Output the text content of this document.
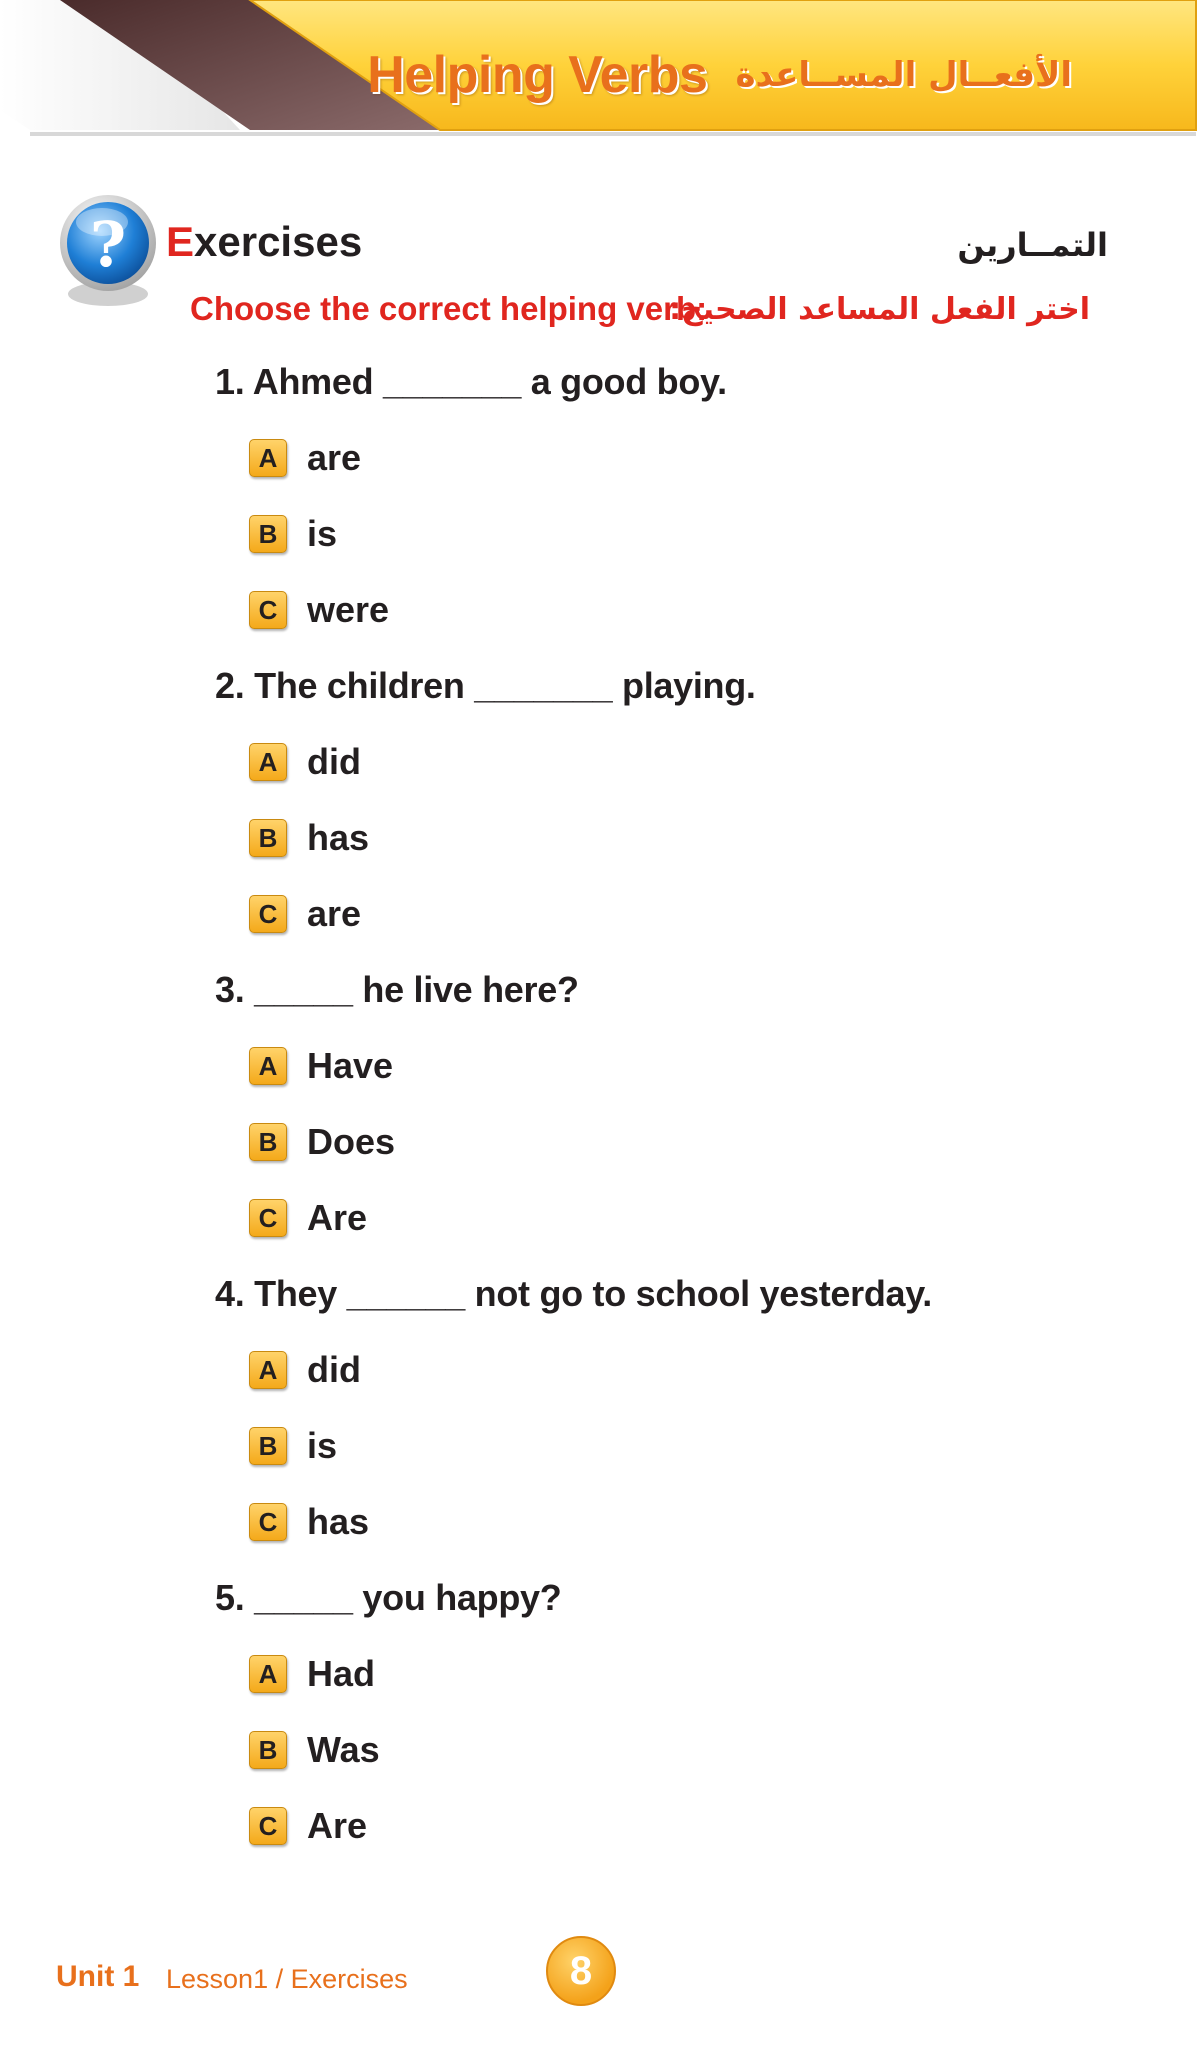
Helping Verbs الأفعــال المســاعدة
? Exercises	التمــارين
Choose the correct helping verb:
اختر الفعل المساعد الصحيح:
1. Ahmed _______ a good boy.
A are
B is
C were
2. The children _______ playing.
A did
B has
C are
3. _____ he live here?
A Have
B Does
C Are
4. They ______ not go to school yesterday.
A did
B is
C has
5. _____ you happy?
A Had
B Was
C Are
Unit 1 Lesson1 / Exercises	8
